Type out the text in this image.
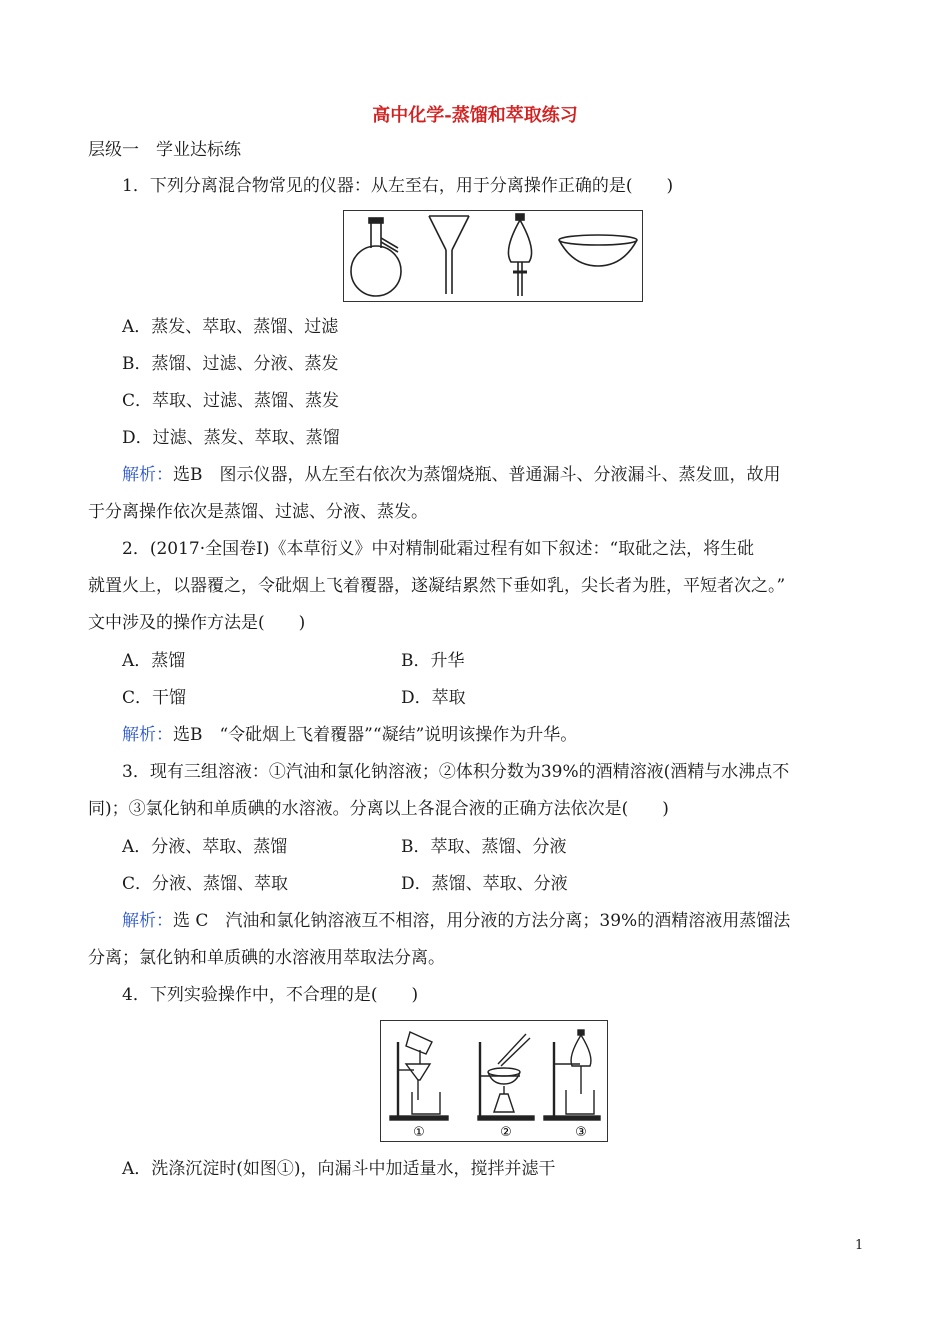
高中化学-蒸馏和萃取练习
层级一　学业达标练
1．下列分离混合物常见的仪器：从左至右，用于分离操作正确的是(　　)
A．蒸发、萃取、蒸馏、过滤
B．蒸馏、过滤、分液、蒸发
C．萃取、过滤、蒸馏、蒸发
D．过滤、蒸发、萃取、蒸馏
解析：选B　图示仪器，从左至右依次为蒸馏烧瓶、普通漏斗、分液漏斗、蒸发皿，故用
于分离操作依次是蒸馏、过滤、分液、蒸发。
2．(2017·全国卷Ⅰ)《本草衍义》中对精制砒霜过程有如下叙述：“取砒之法，将生砒
就置火上，以器覆之，令砒烟上飞着覆器，遂凝结累然下垂如乳，尖长者为胜，平短者次之。”
文中涉及的操作方法是(　　)
A．蒸馏	B．升华
C．干馏	D．萃取
解析：选B　“令砒烟上飞着覆器”“凝结”说明该操作为升华。
3．现有三组溶液：①汽油和氯化钠溶液；②体积分数为39%的酒精溶液(酒精与水沸点不
同)；③氯化钠和单质碘的水溶液。分离以上各混合液的正确方法依次是(　　)
A．分液、萃取、蒸馏	B．萃取、蒸馏、分液
C．分液、蒸馏、萃取	D．蒸馏、萃取、分液
解析：选 C　汽油和氯化钠溶液互不相溶，用分液的方法分离；39%的酒精溶液用蒸馏法
分离；氯化钠和单质碘的水溶液用萃取法分离。
4．下列实验操作中，不合理的是(　　)
①	②	③
A．洗涤沉淀时(如图①)，向漏斗中加适量水，搅拌并滤干
1
